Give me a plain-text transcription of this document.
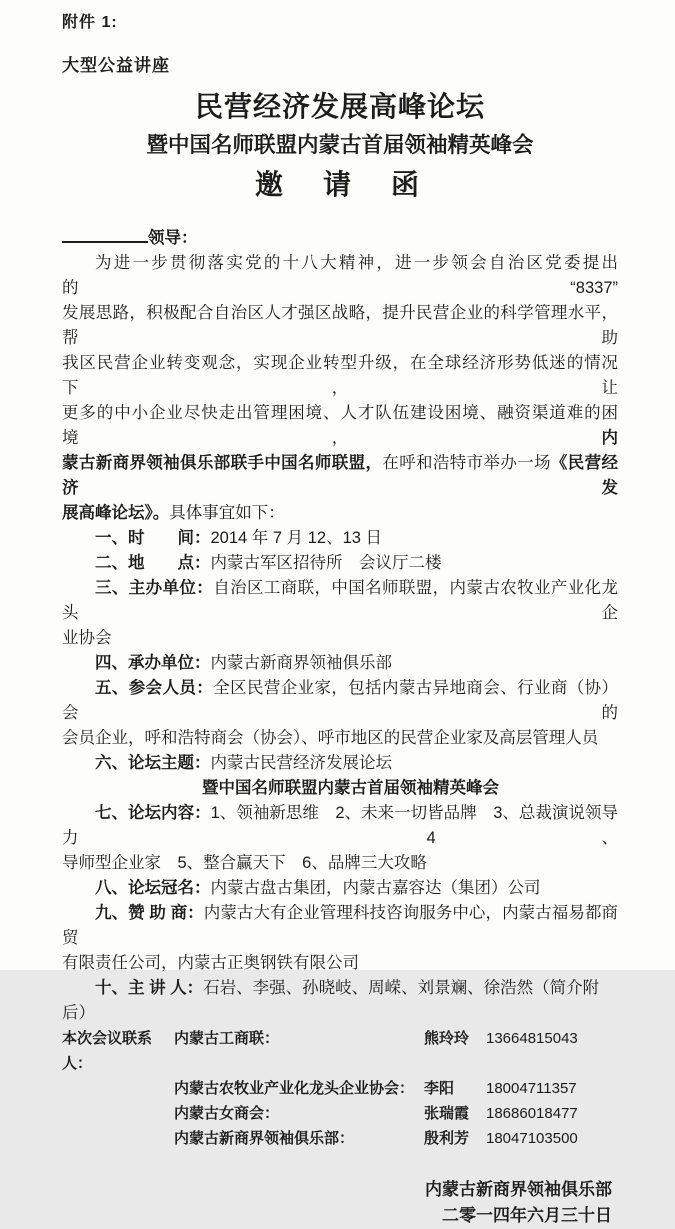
附件 1:
大型公益讲座
民营经济发展高峰论坛
暨中国名师联盟内蒙古首届领袖精英峰会
邀　请　函
领导：
为进一步贯彻落实党的十八大精神，进一步领会自治区党委提出的“8337”
发展思路，积极配合自治区人才强区战略，提升民营企业的科学管理水平，帮助
我区民营企业转变观念，实现企业转型升级，在全球经济形势低迷的情况下，让
更多的中小企业尽快走出管理困境、人才队伍建设困境、融资渠道难的困境，内
蒙古新商界领袖俱乐部联手中国名师联盟，在呼和浩特市举办一场《民营经济发
展高峰论坛》。具体事宜如下：
一、时　　间：2014 年 7 月 12、13 日
二、地　　点：内蒙古军区招待所　会议厅二楼
三、主办单位：自治区工商联，中国名师联盟，内蒙古农牧业产业化龙头企
业协会
四、承办单位：内蒙古新商界领袖俱乐部
五、参会人员：全区民营企业家，包括内蒙古异地商会、行业商（协）会的
会员企业，呼和浩特商会（协会）、呼市地区的民营企业家及高层管理人员
六、论坛主题：内蒙古民营经济发展论坛
暨中国名师联盟内蒙古首届领袖精英峰会
七、论坛内容：1、领袖新思维　2、未来一切皆品牌　3、总裁演说领导力　4、
导师型企业家　5、整合赢天下　6、品牌三大攻略
八、论坛冠名：内蒙古盘古集团，内蒙古嘉容达（集团）公司
九、赞 助 商：内蒙古大有企业管理科技咨询服务中心，内蒙古福易都商贸
有限责任公司，内蒙古正奥钢铁有限公司
十、主 讲 人：石岩、李强、孙晓岐、周嵘、刘景斓、徐浩然（简介附后）
本次会议联系人：
内蒙古工商联：	熊玲玲	13664815043
内蒙古农牧业产业化龙头企业协会： 李阳	18004711357
内蒙古女商会：	张瑞霞	18686018477
内蒙古新商界领袖俱乐部：	殷利芳	18047103500
内蒙古新商界领袖俱乐部
二零一四年六月三十日
